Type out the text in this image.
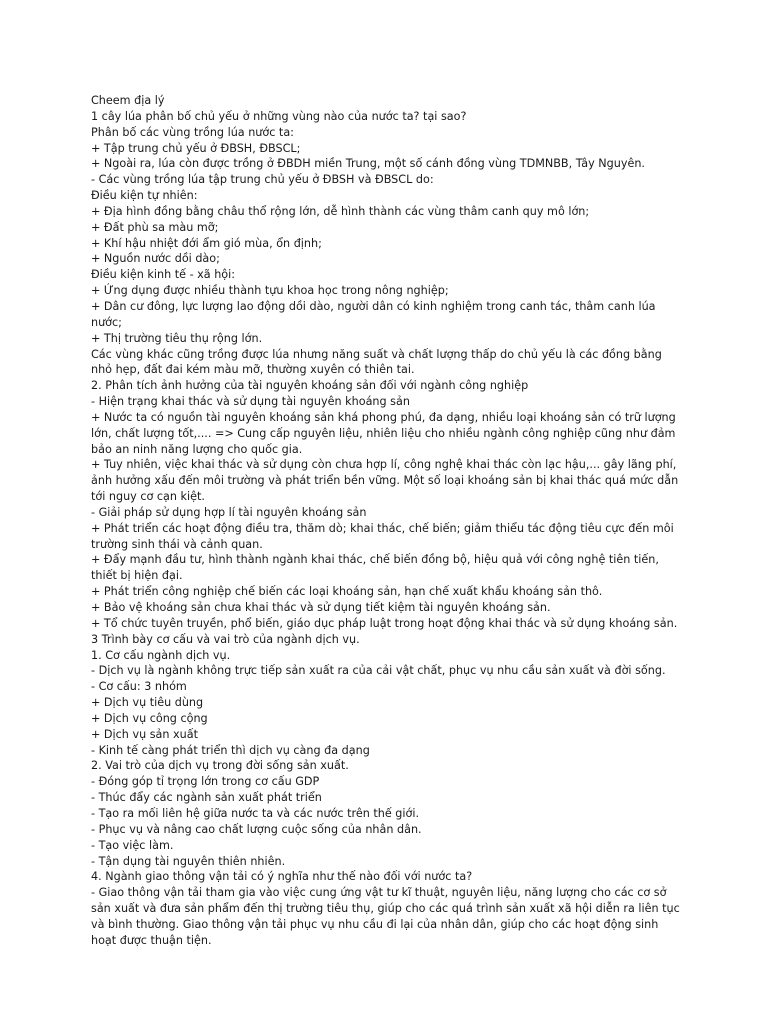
Cheem địa lý

1 cây lúa phân bố chủ yếu ở những vùng nào của nước ta? tại sao?

Phân bố các vùng trồng lúa nước ta:

+ Tập trung chủ yếu ở ĐBSH, ĐBSCL;

+ Ngoài ra, lúa còn được trồng ở ĐBDH miền Trung, một số cánh đồng vùng TDMNBB, Tây Nguyên.

- Các vùng trồng lúa tập trung chủ yếu ở ĐBSH và ĐBSCL do:

Điều kiện tự nhiên:

+ Địa hình đồng bằng châu thổ rộng lớn, dễ hình thành các vùng thâm canh quy mô lớn;

+ Đất phù sa màu mỡ;

+ Khí hậu nhiệt đới ẩm gió mùa, ổn định;

+ Nguồn nước dồi dào;

Điều kiện kinh tế - xã hội:

+ Ứng dụng được nhiều thành tựu khoa học trong nông nghiệp;

+ Dân cư đông, lực lượng lao động dồi dào, người dân có kinh nghiệm trong canh tác, thâm canh lúa nước;

+ Thị trường tiêu thụ rộng lớn.

Các vùng khác cũng trồng được lúa nhưng năng suất và chất lượng thấp do chủ yếu là các đồng bằng nhỏ hẹp, đất đai kém màu mỡ, thường xuyên có thiên tai.

2. Phân tích ảnh hưởng của tài nguyên khoáng sản đối với ngành công nghiệp

- Hiện trạng khai thác và sử dụng tài nguyên khoáng sản

+ Nước ta có nguồn tài nguyên khoáng sản khá phong phú, đa dạng, nhiều loại khoáng sản có trữ lượng lớn, chất lượng tốt,.... => Cung cấp nguyên liệu, nhiên liệu cho nhiều ngành công nghiệp cũng như đảm bảo an ninh năng lượng cho quốc gia.

+ Tuy nhiên, việc khai thác và sử dụng còn chưa hợp lí, công nghệ khai thác còn lạc hậu,... gây lãng phí, ảnh hưởng xấu đến môi trường và phát triển bền vững. Một số loại khoáng sản bị khai thác quá mức dẫn tới nguy cơ cạn kiệt.

- Giải pháp sử dụng hợp lí tài nguyên khoáng sản

+ Phát triển các hoạt động điều tra, thăm dò; khai thác, chế biến; giảm thiểu tác động tiêu cực đến môi trường sinh thái và cảnh quan.

+ Đẩy mạnh đầu tư, hình thành ngành khai thác, chế biến đồng bộ, hiệu quả với công nghệ tiên tiến, thiết bị hiện đại.

+ Phát triển công nghiệp chế biến các loại khoáng sản, hạn chế xuất khẩu khoáng sản thô.

+ Bảo vệ khoáng sản chưa khai thác và sử dụng tiết kiệm tài nguyên khoáng sản.

+ Tổ chức tuyên truyền, phổ biến, giáo dục pháp luật trong hoạt động khai thác và sử dụng khoáng sản.

3 Trình bày cơ cấu và vai trò của ngành dịch vụ.

1. Cơ cấu ngành dịch vụ.

- Dịch vụ là ngành không trực tiếp sản xuất ra của cải vật chất, phục vụ nhu cầu sản xuất và đời sống.

- Cơ cấu: 3 nhóm

+ Dịch vụ tiêu dùng

+ Dịch vụ công cộng

+ Dịch vụ sản xuất

- Kinh tế càng phát triển thì dịch vụ càng đa dạng

2. Vai trò của dịch vụ trong đời sống sản xuất.

- Đóng góp tỉ trọng lớn trong cơ cấu GDP

- Thúc đẩy các ngành sản xuất phát triển

- Tạo ra mối liên hệ giữa nước ta và các nước trên thế giới.

- Phục vụ và nâng cao chất lượng cuộc sống của nhân dân.

- Tạo việc làm.

- Tận dụng tài nguyên thiên nhiên.

4. Ngành giao thông vận tải có ý nghĩa như thế nào đối với nước ta?

- Giao thông vận tải tham gia vào việc cung ứng vật tư kĩ thuật, nguyên liệu, năng lượng cho các cơ sở sản xuất và đưa sản phẩm đến thị trường tiêu thụ, giúp cho các quá trình sản xuất xã hội diễn ra liên tục và bình thường. Giao thông vận tải phục vụ nhu cầu đi lại của nhân dân, giúp cho các hoạt động sinh hoạt được thuận tiện.
